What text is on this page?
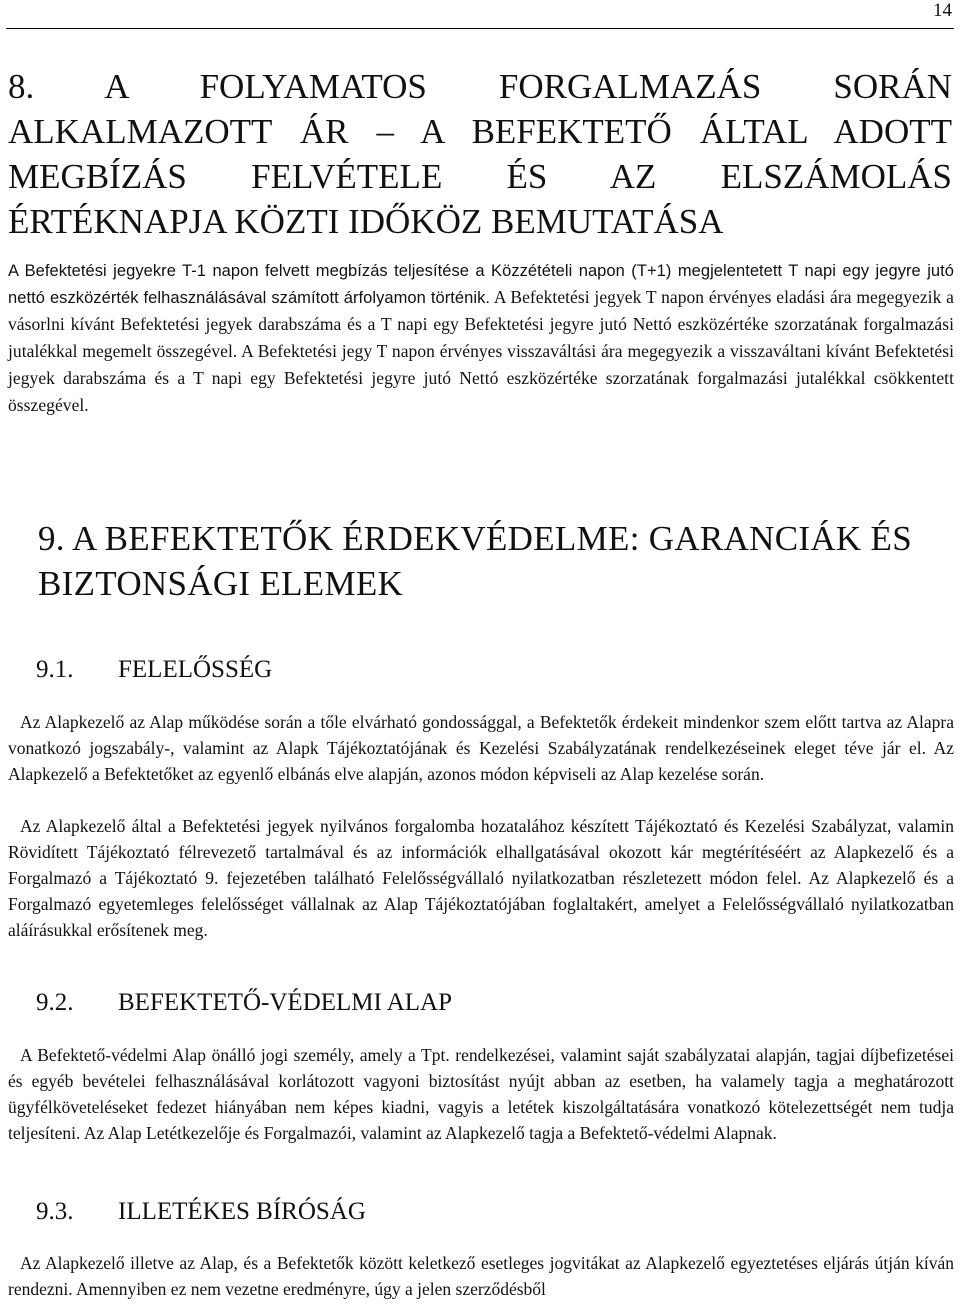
14
8. A FOLYAMATOS FORGALMAZÁS SORÁN
ALKALMAZOTT ÁR – A BEFEKTETŐ ÁLTAL ADOTT
MEGBÍZÁS FELVÉTELE ÉS AZ ELSZÁMOLÁS
ÉRTÉKNAPJA KÖZTI IDŐKÖZ BEMUTATÁSA

A Befektetési jegyekre T-1 napon felvett megbízás teljesítése a Közzétételi napon (T+1) megjelentetett T napi egy jegyre jutó nettó eszközérték felhasználásával számított árfolyamon történik. A Befektetési jegyek T napon érvényes eladási ára megegyezik a vásorlni kívánt Befektetési jegyek darabszáma és a T napi egy Befektetési jegyre jutó Nettó eszközértéke szorzatának forgalmazási jutalékkal megemelt összegével. A Befektetési jegy T napon érvényes visszaváltási ára megegyezik a visszaváltani kívánt Befektetési jegyek darabszáma és a T napi egy Befektetési jegyre jutó Nettó eszközértéke szorzatának forgalmazási jutalékkal csökkentett összegével.

9. A BEFEKTETŐK ÉRDEKVÉDELME: GARANCIÁK ÉS
BIZTONSÁGI ELEMEK
9.1. FELELŐSSÉG

Az Alapkezelő az Alap működése során a tőle elvárható gondossággal, a Befektetők érdekeit mindenkor szem előtt tartva az Alapra vonatkozó jogszabály-, valamint az Alapk Tájékoztatójának és Kezelési Szabályzatának rendelkezéseinek eleget téve jár el. Az Alapkezelő a Befektetőket az egyenlő elbánás elve alapján, azonos módon képviseli az Alap kezelése során.

Az Alapkezelő által a Befektetési jegyek nyilvános forgalomba hozatalához készített Tájékoztató és Kezelési Szabályzat, valamin Rövidített Tájékoztató félrevezető tartalmával és az információk elhallgatásával okozott kár megtérítéséért az Alapkezelő és a Forgalmazó a Tájékoztató 9. fejezetében található Felelősségvállaló nyilatkozatban részletezett módon felel. Az Alapkezelő és a Forgalmazó egyetemleges felelősséget vállalnak az Alap Tájékoztatójában foglaltakért, amelyet a Felelősségvállaló nyilatkozatban aláírásukkal erősítenek meg.

9.2. BEFEKTETŐ-VÉDELMI ALAP

A Befektető-védelmi Alap önálló jogi személy, amely a Tpt. rendelkezései, valamint saját szabályzatai alapján, tagjai díjbefizetései és egyéb bevételei felhasználásával korlátozott vagyoni biztosítást nyújt abban az esetben, ha valamely tagja a meghatározott ügyfélköveteléseket fedezet hiányában nem képes kiadni, vagyis a letétek kiszolgáltatására vonatkozó kötelezettségét nem tudja teljesíteni. Az Alap Letétkezelője és Forgalmazói, valamint az Alapkezelő tagja a Befektető-védelmi Alapnak.

9.3. ILLETÉKES BÍRÓSÁG

Az Alapkezelő illetve az Alap, és a Befektetők között keletkező esetleges jogvitákat az Alapkezelő egyeztetéses eljárás útján kíván rendezni. Amennyiben ez nem vezetne eredményre, úgy a jelen szerződésből
